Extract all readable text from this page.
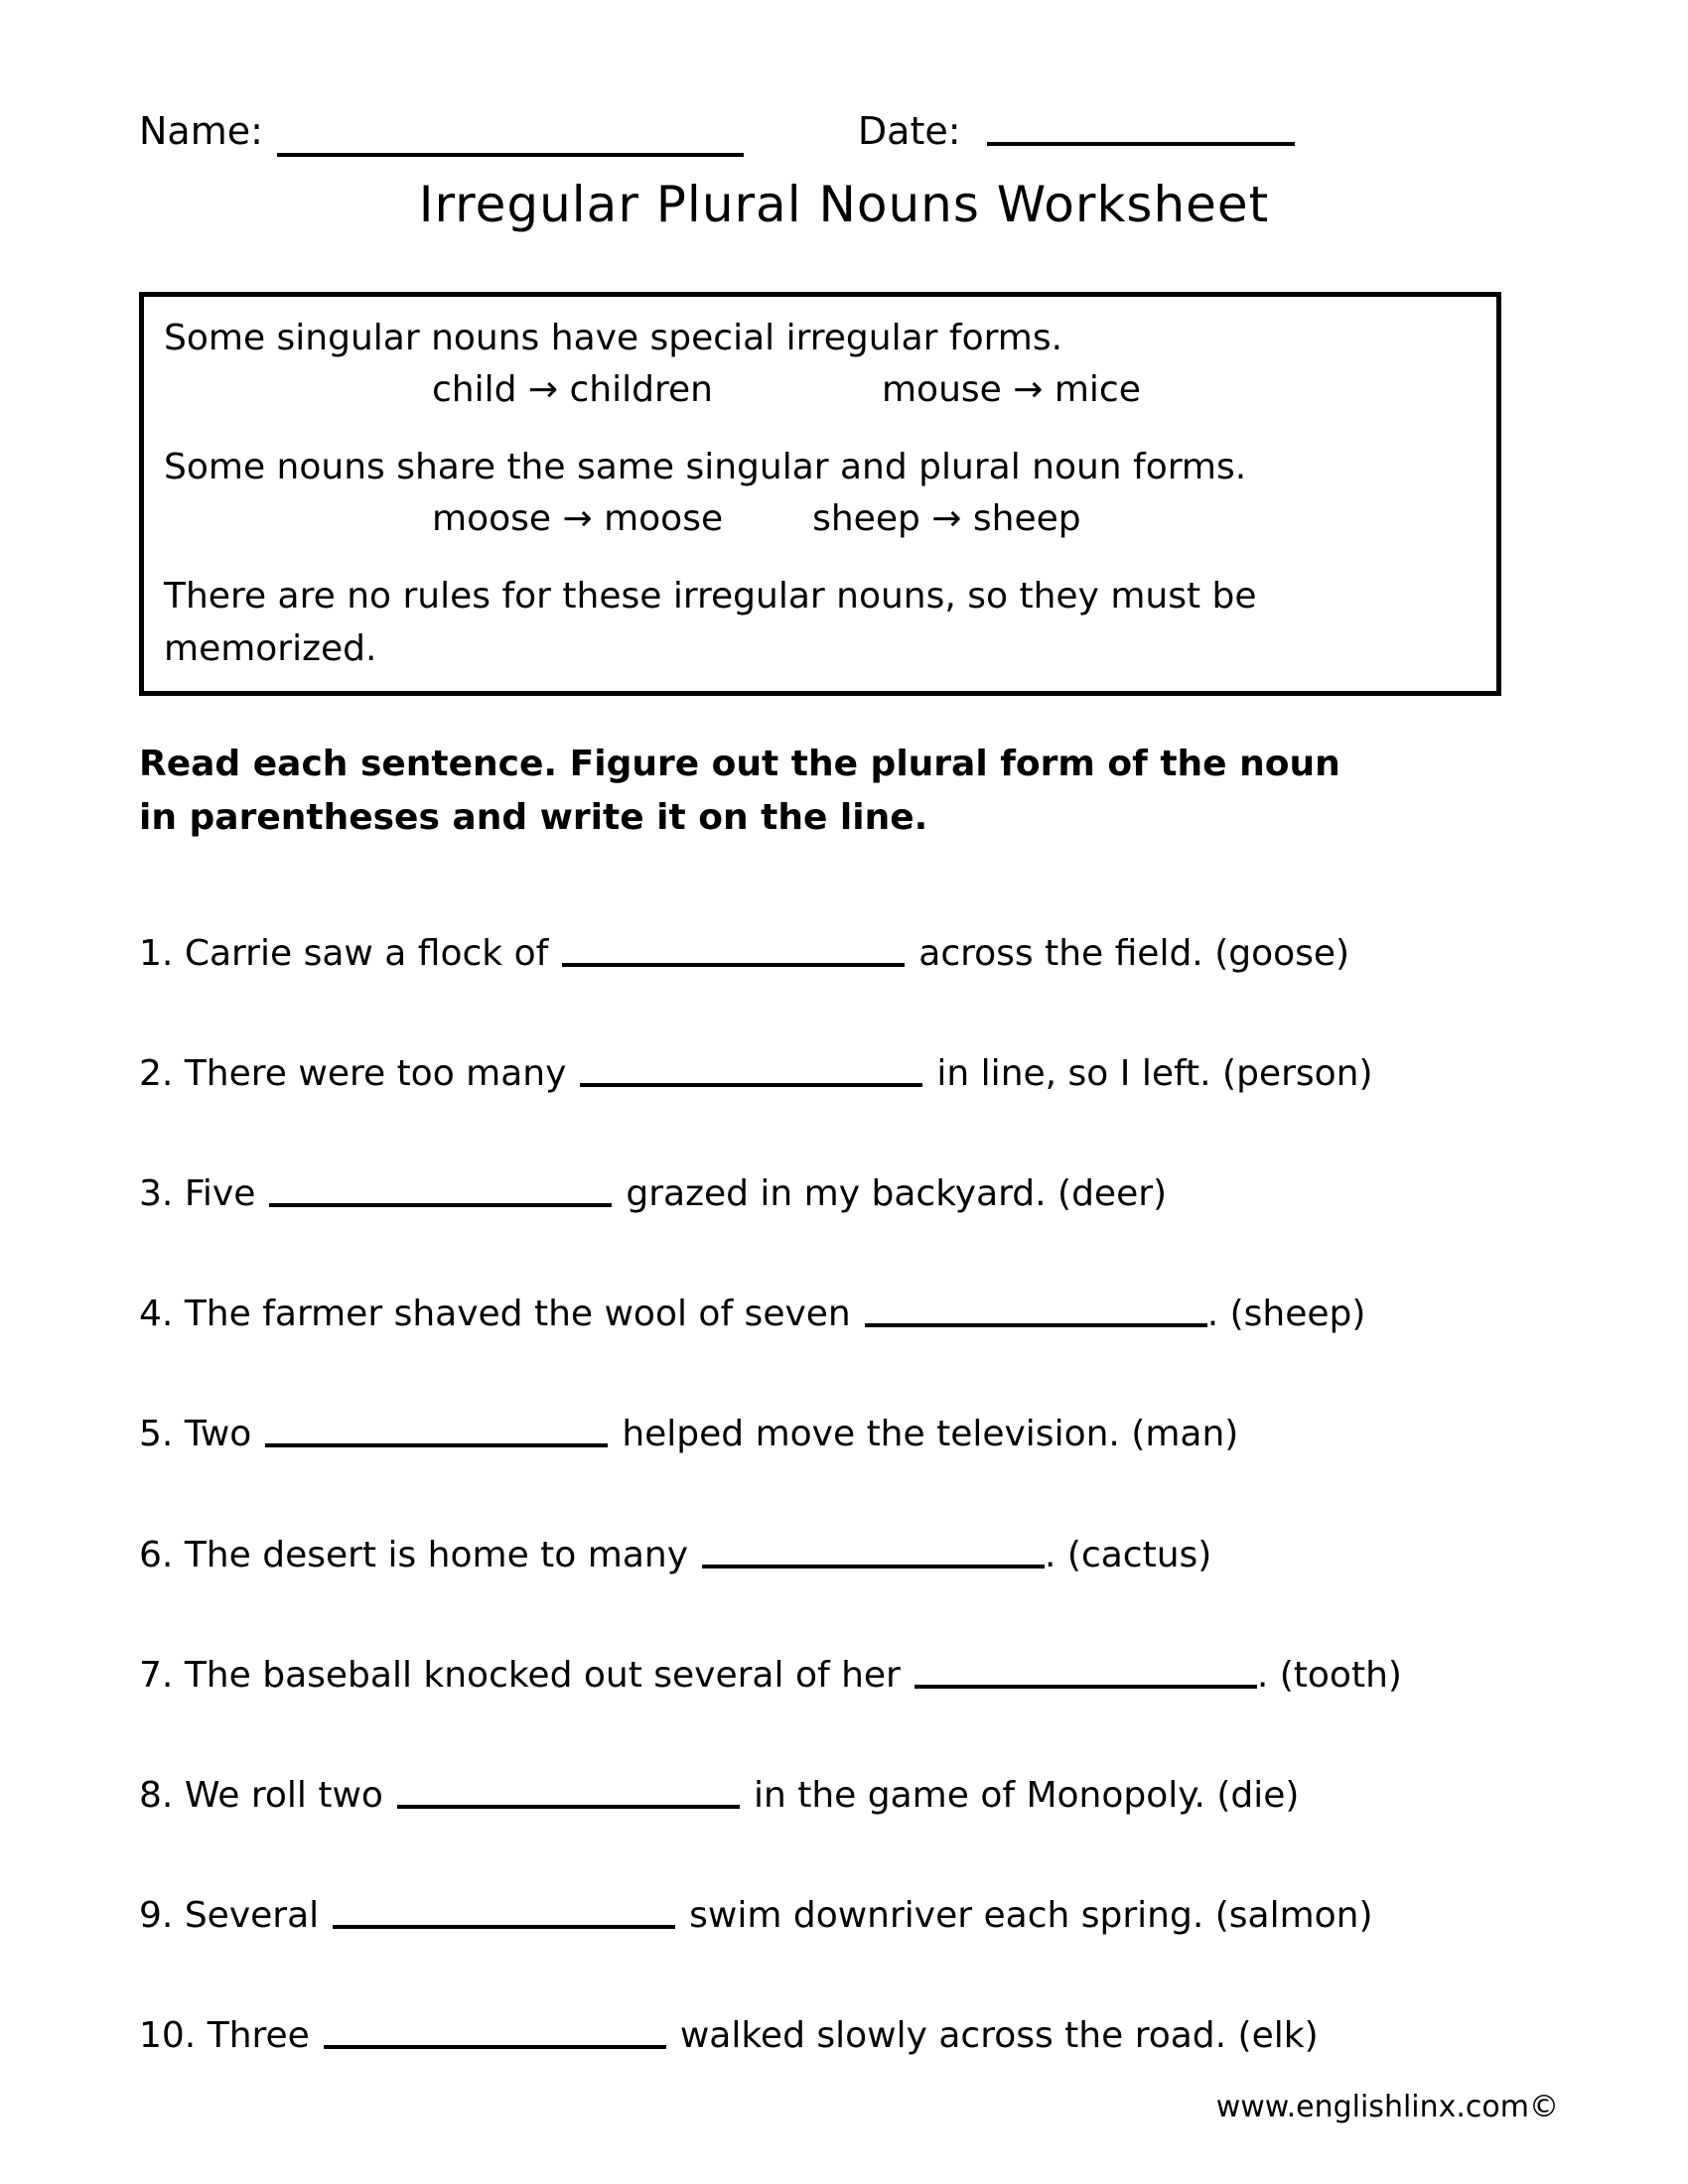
Name:	Date:
Irregular Plural Nouns Worksheet
Some singular nouns have special irregular forms.
child → children	mouse → mice
Some nouns share the same singular and plural noun forms.
moose → moose	sheep → sheep
There are no rules for these irregular nouns, so they must be memorized.
Read each sentence. Figure out the plural form of the noun in parentheses and write it on the line.
1. Carrie saw a flock of	across the field. (goose)
2. There were too many	in line, so I left. (person)
3. Five	grazed in my backyard. (deer)
4. The farmer shaved the wool of seven	. (sheep)
5. Two	helped move the television. (man)
6. The desert is home to many	. (cactus)
7. The baseball knocked out several of her	. (tooth)
8. We roll two	in the game of Monopoly. (die)
9. Several	swim downriver each spring. (salmon)
10. Three	walked slowly across the road. (elk)
www.englishlinx.com©
